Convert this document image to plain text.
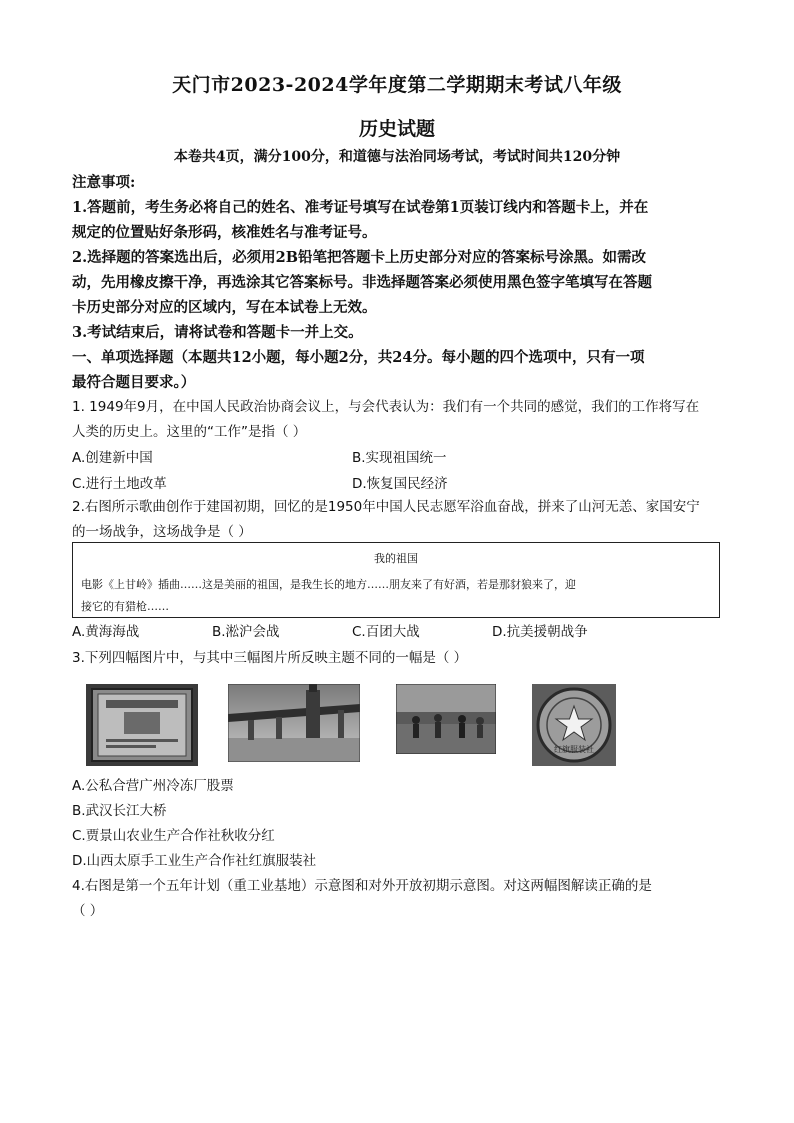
天门市2023-2024学年度第二学期期末考试八年级
历史试题
本卷共4页，满分100分，和道德与法治同场考试，考试时间共120分钟

注意事项:

1.答题前，考生务必将自己的姓名、准考证号填写在试卷第1页装订线内和答题卡上，并在

规定的位置贴好条形码，核准姓名与准考证号。

2.选择题的答案选出后，必须用2B铅笔把答题卡上历史部分对应的答案标号涂黑。如需改

动，先用橡皮擦干净，再选涂其它答案标号。非选择题答案必须使用黑色签字笔填写在答题

卡历史部分对应的区域内，写在本试卷上无效。

3.考试结束后，请将试卷和答题卡一并上交。

一、单项选择题（本题共12小题，每小题2分，共24分。每小题的四个选项中，只有一项

最符合题目要求。）

1. 1949年9月，在中国人民政治协商会议上，与会代表认为：我们有一个共同的感觉，我们的工作将写在

人类的历史上。这里的“工作”是指（ ）

A.创建新中国	B.实现祖国统一
C.进行土地改革	D.恢复国民经济

2.右图所示歌曲创作于建国初期，回忆的是1950年中国人民志愿军浴血奋战，拼来了山河无恙、家国安宁

的一场战争，这场战争是（ ）

我的祖国
电影《上甘岭》插曲……这是美丽的祖国，是我生长的地方……朋友来了有好酒，若是那豺狼来了，迎
接它的有猎枪……
A.黄海海战	B.淞沪会战	C.百团大战	D.抗美援朝战争

3.下列四幅图片中，与其中三幅图片所反映主题不同的一幅是（ ）

红旗服装社

A.公私合营广州冷冻厂股票

B.武汉长江大桥

C.贾景山农业生产合作社秋收分红

D.山西太原手工业生产合作社红旗服装社

4.右图是第一个五年计划（重工业基地）示意图和对外开放初期示意图。对这两幅图解读正确的是

（ ）
